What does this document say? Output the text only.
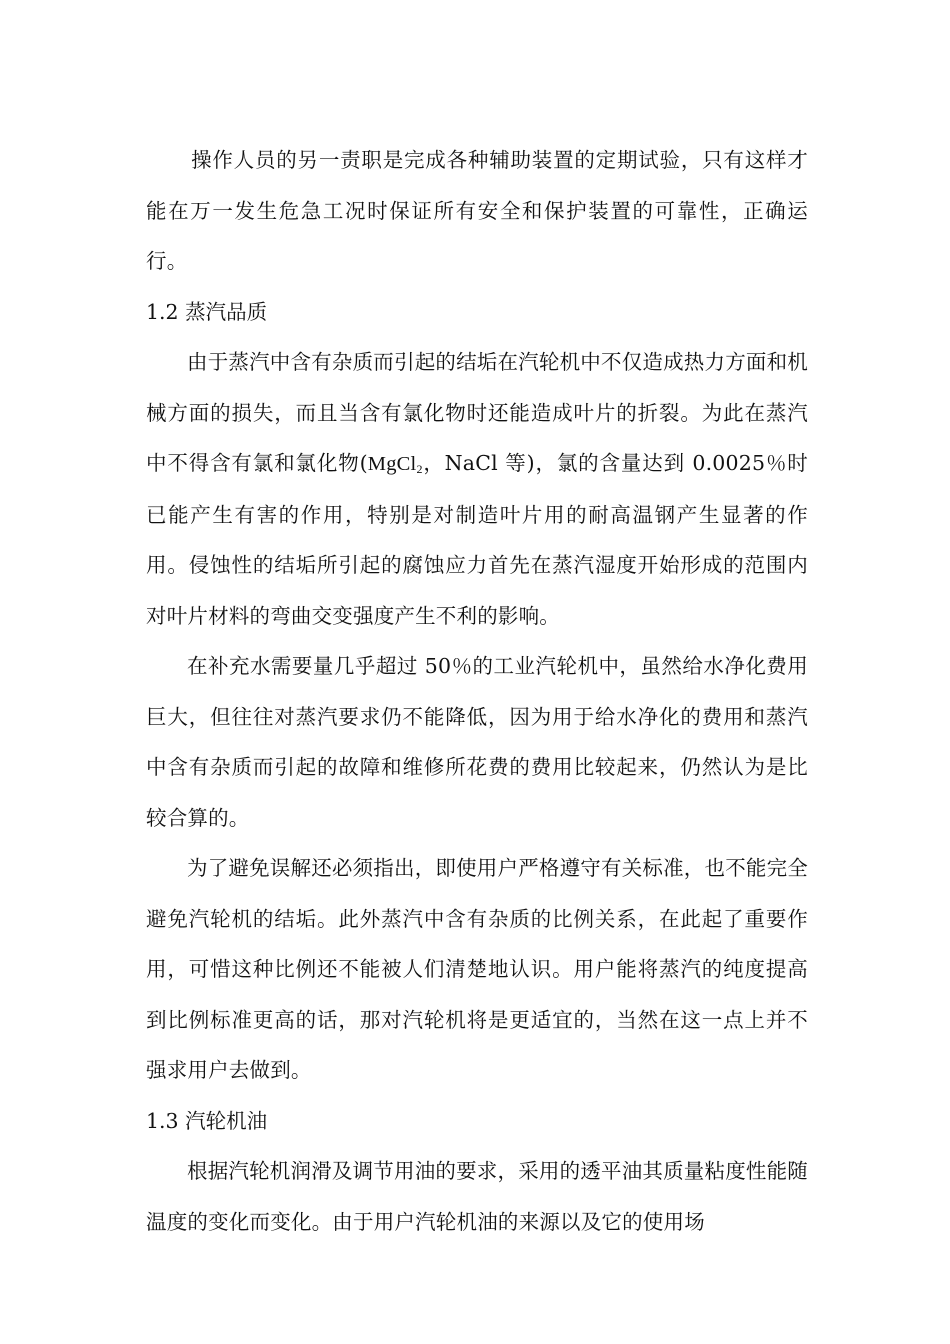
操作人员的另一责职是完成各种辅助装置的定期试验，只有这样才能在万一发生危急工况时保证所有安全和保护装置的可靠性，正确运行。

1.2 蒸汽品质

由于蒸汽中含有杂质而引起的结垢在汽轮机中不仅造成热力方面和机械方面的损失，而且当含有氯化物时还能造成叶片的折裂。为此在蒸汽中不得含有氯和氯化物(MgCl$_2$，NaCl 等)，氯的含量达到 0.0025％时已能产生有害的作用，特别是对制造叶片用的耐高温钢产生显著的作用。侵蚀性的结垢所引起的腐蚀应力首先在蒸汽湿度开始形成的范围内对叶片材料的弯曲交变强度产生不利的影响。

在补充水需要量几乎超过 50％的工业汽轮机中，虽然给水净化费用巨大，但往往对蒸汽要求仍不能降低，因为用于给水净化的费用和蒸汽中含有杂质而引起的故障和维修所花费的费用比较起来，仍然认为是比较合算的。

为了避免误解还必须指出，即使用户严格遵守有关标准，也不能完全避免汽轮机的结垢。此外蒸汽中含有杂质的比例关系，在此起了重要作用，可惜这种比例还不能被人们清楚地认识。用户能将蒸汽的纯度提高到比例标准更高的话，那对汽轮机将是更适宜的，当然在这一点上并不强求用户去做到。

1.3 汽轮机油

根据汽轮机润滑及调节用油的要求，采用的透平油其质量粘度性能随温度的变化而变化。由于用户汽轮机油的来源以及它的使用场
